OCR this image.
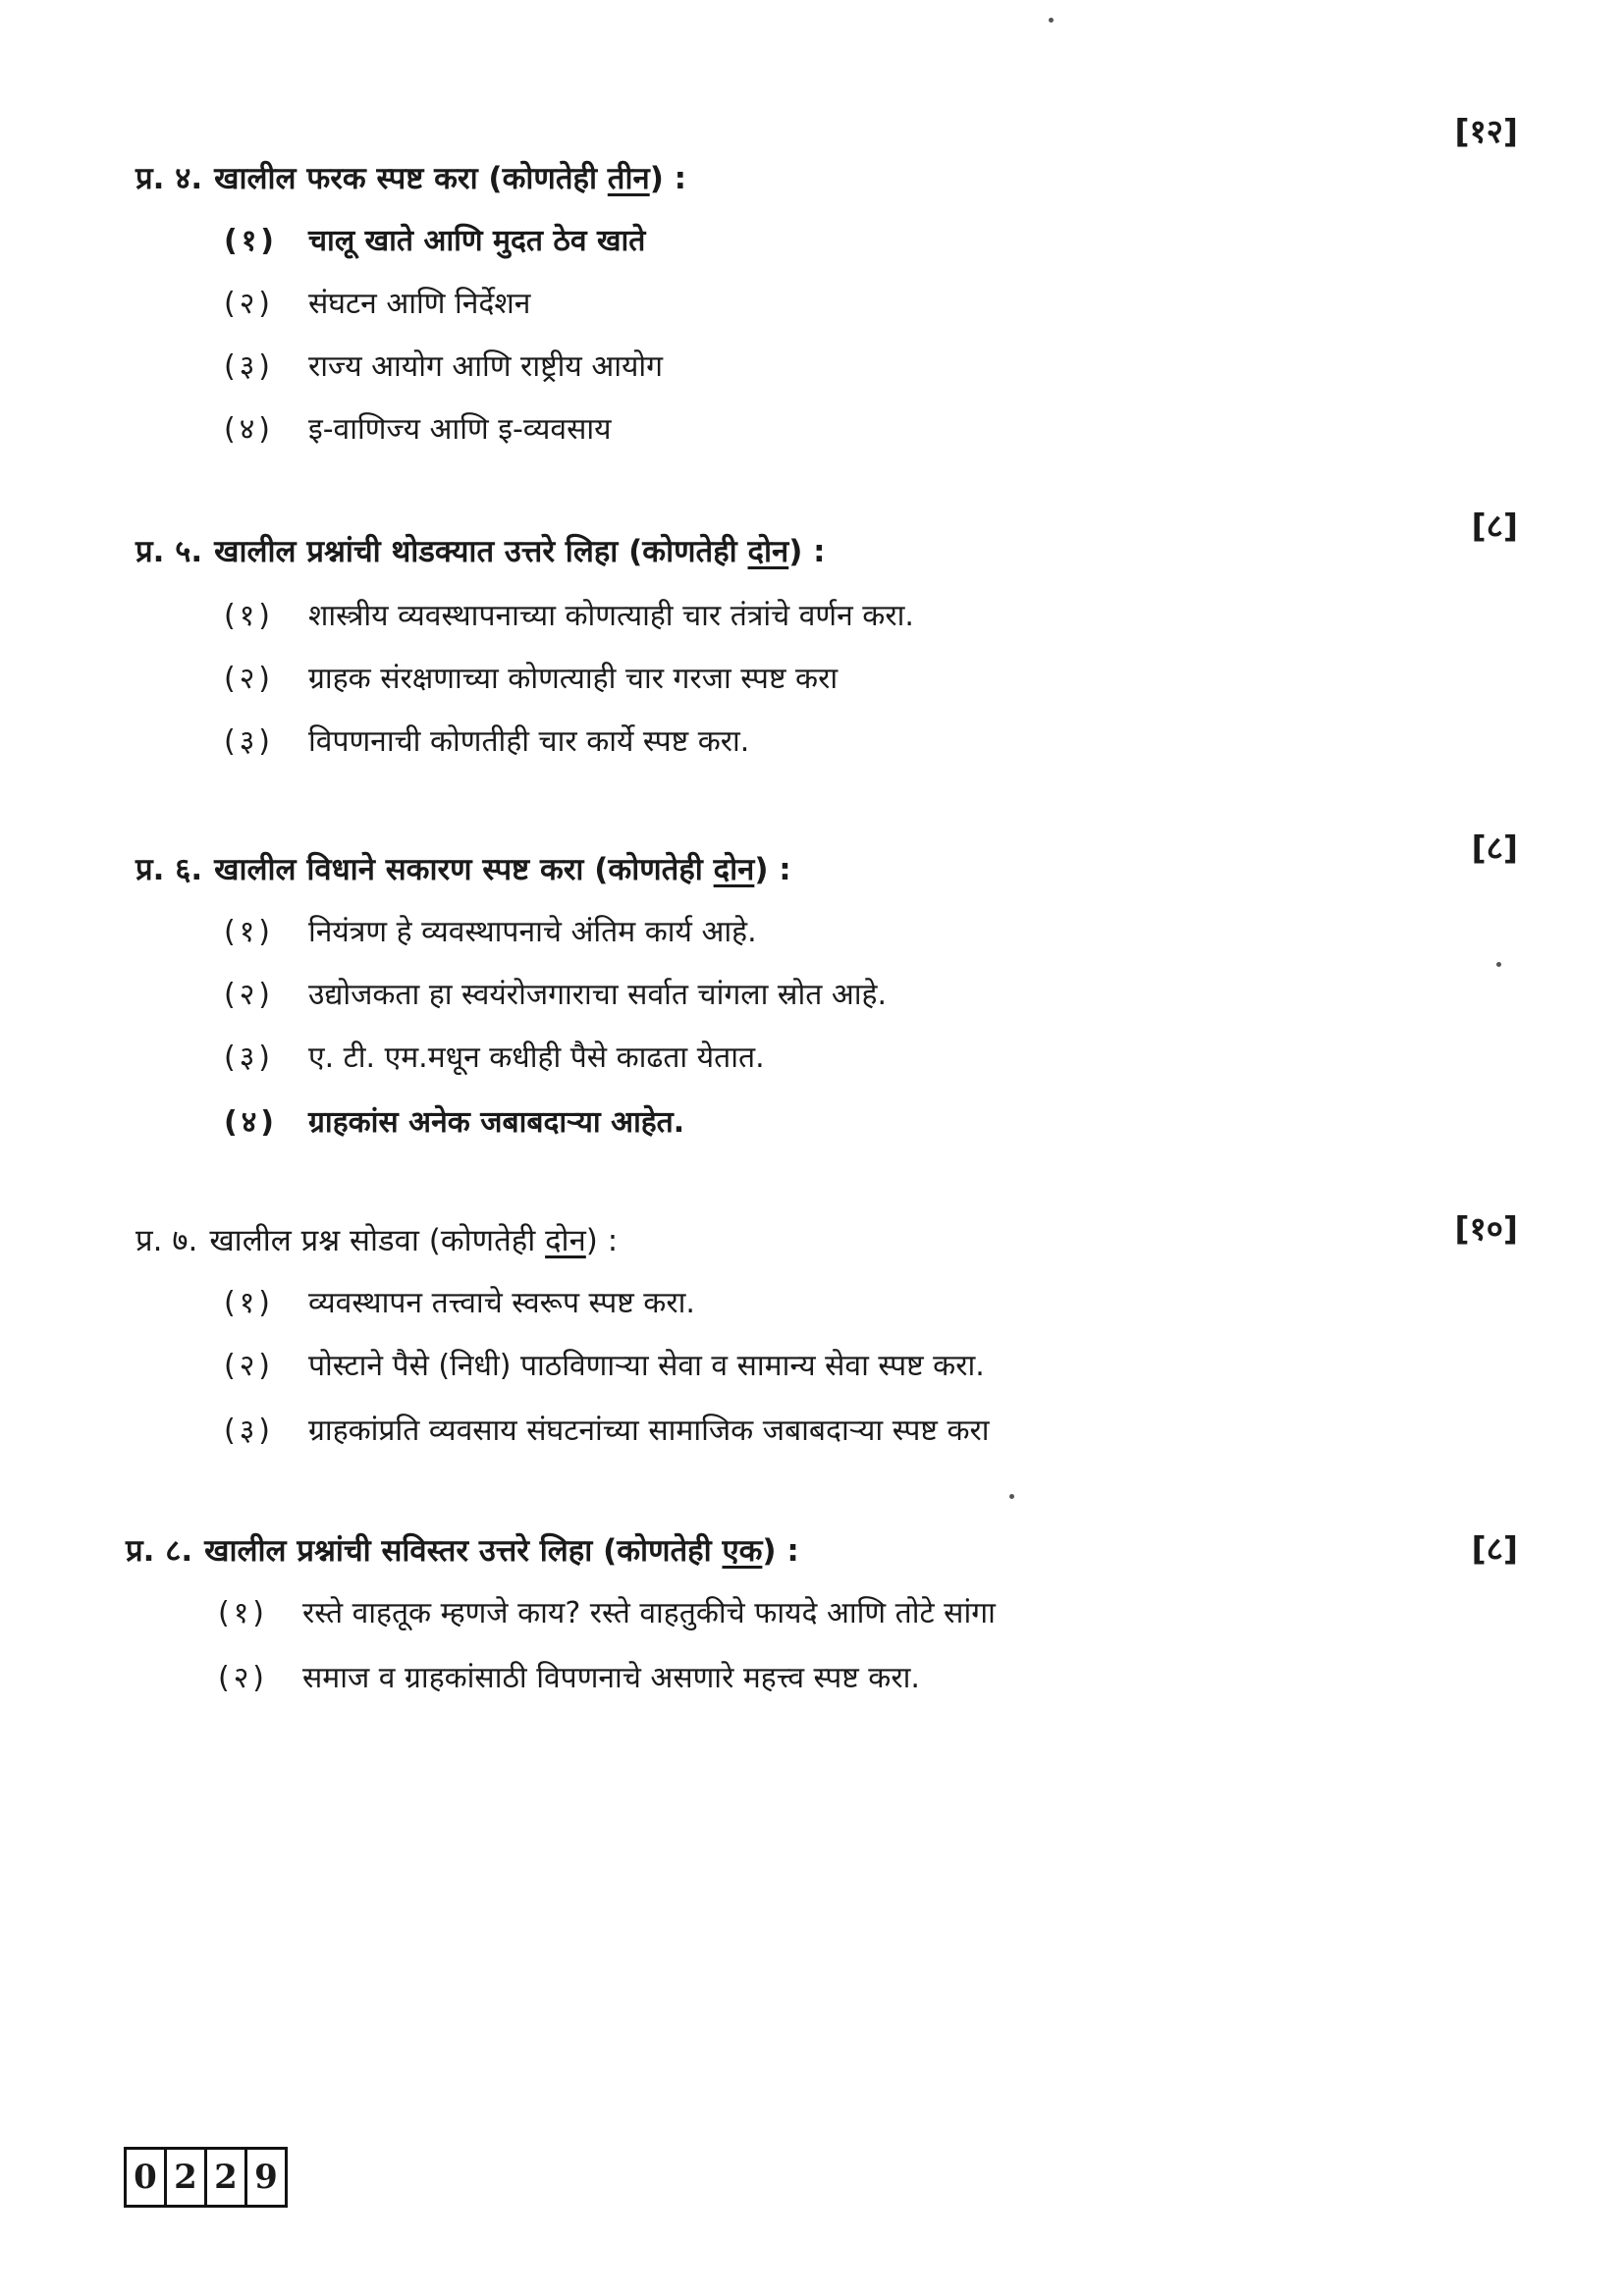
[१२]
प्र. ४. खालील फरक स्पष्ट करा (कोणतेही तीन) :
(१) चालू खाते आणि मुदत ठेव खाते
(२) संघटन आणि निर्देशन
(३) राज्य आयोग आणि राष्ट्रीय आयोग
(४) इ-वाणिज्य आणि इ-व्यवसाय
[८]
प्र. ५. खालील प्रश्नांची थोडक्यात उत्तरे लिहा (कोणतेही दोन) :
(१) शास्त्रीय व्यवस्थापनाच्या कोणत्याही चार तंत्रांचे वर्णन करा.
(२) ग्राहक संरक्षणाच्या कोणत्याही चार गरजा स्पष्ट करा
(३) विपणनाची कोणतीही चार कार्ये स्पष्ट करा.
[८]
प्र. ६. खालील विधाने सकारण स्पष्ट करा (कोणतेही दोन) :
(१) नियंत्रण हे व्यवस्थापनाचे अंतिम कार्य आहे.
(२) उद्योजकता हा स्वयंरोजगाराचा सर्वात चांगला स्रोत आहे.
(३) ए. टी. एम.मधून कधीही पैसे काढता येतात.
(४) ग्राहकांस अनेक जबाबदाऱ्या आहेत.
[१०]
प्र. ७. खालील प्रश्न सोडवा (कोणतेही दोन) :
(१) व्यवस्थापन तत्त्वाचे स्वरूप स्पष्ट करा.
(२) पोस्टाने पैसे (निधी) पाठविणाऱ्या सेवा व सामान्य सेवा स्पष्ट करा.
(३) ग्राहकांप्रति व्यवसाय संघटनांच्या सामाजिक जबाबदाऱ्या स्पष्ट करा
[८]
प्र. ८. खालील प्रश्नांची सविस्तर उत्तरे लिहा (कोणतेही एक) :
(१) रस्ते वाहतूक म्हणजे काय? रस्ते वाहतुकीचे फायदे आणि तोटे सांगा
(२) समाज व ग्राहकांसाठी विपणनाचे असणारे महत्त्व स्पष्ट करा.
0 2 2 9
